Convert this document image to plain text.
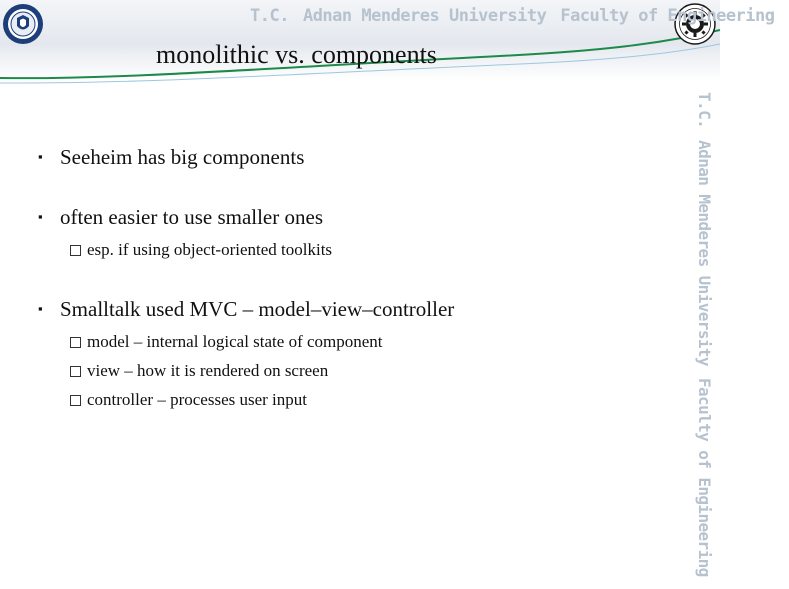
T.C. Adnan Menderes University Faculty of Engineering
T.C.Adnan Menderes UniversityFaculty of Engineering
monolithic vs. components
▪ Seeheim has big components
▪ often easier to use smaller ones
esp. if using object-oriented toolkits
▪ Smalltalk used MVC – model–view–controller
model – internal logical state of component
view – how it is rendered on screen
controller – processes user input
